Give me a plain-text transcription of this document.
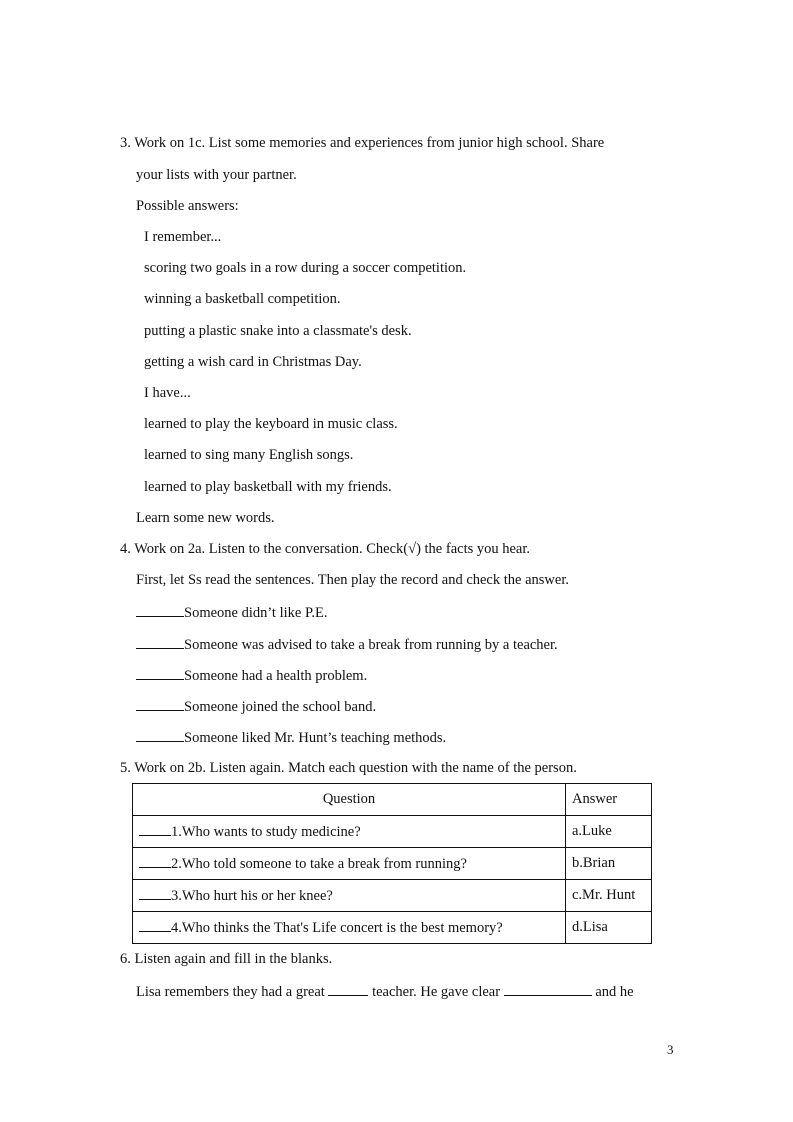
3. Work on 1c. List some memories and experiences from junior high school. Share
your lists with your partner.
Possible answers:
I remember...
scoring two goals in a row during a soccer competition.
winning a basketball competition.
putting a plastic snake into a classmate's desk.
getting a wish card in Christmas Day.
I have...
learned to play the keyboard in music class.
learned to sing many English songs.
learned to play basketball with my friends.
Learn some new words.
4. Work on 2a. Listen to the conversation. Check(√) the facts you hear.
First, let Ss read the sentences. Then play the record and check the answer.
Someone didn’t like P.E.
Someone was advised to take a break from running by a teacher.
Someone had a health problem.
Someone joined the school band.
Someone liked Mr. Hunt’s teaching methods.
5. Work on 2b. Listen again. Match each question with the name of the person.
Question	Answer
1.Who wants to study medicine?	a.Luke
2.Who told someone to take a break from running?	b.Brian
3.Who hurt his or her knee?	c.Mr. Hunt
4.Who thinks the That's Life concert is the best memory?	d.Lisa
6. Listen again and fill in the blanks.
Lisa remembers they had a great	teacher. He gave clear	and he
3
